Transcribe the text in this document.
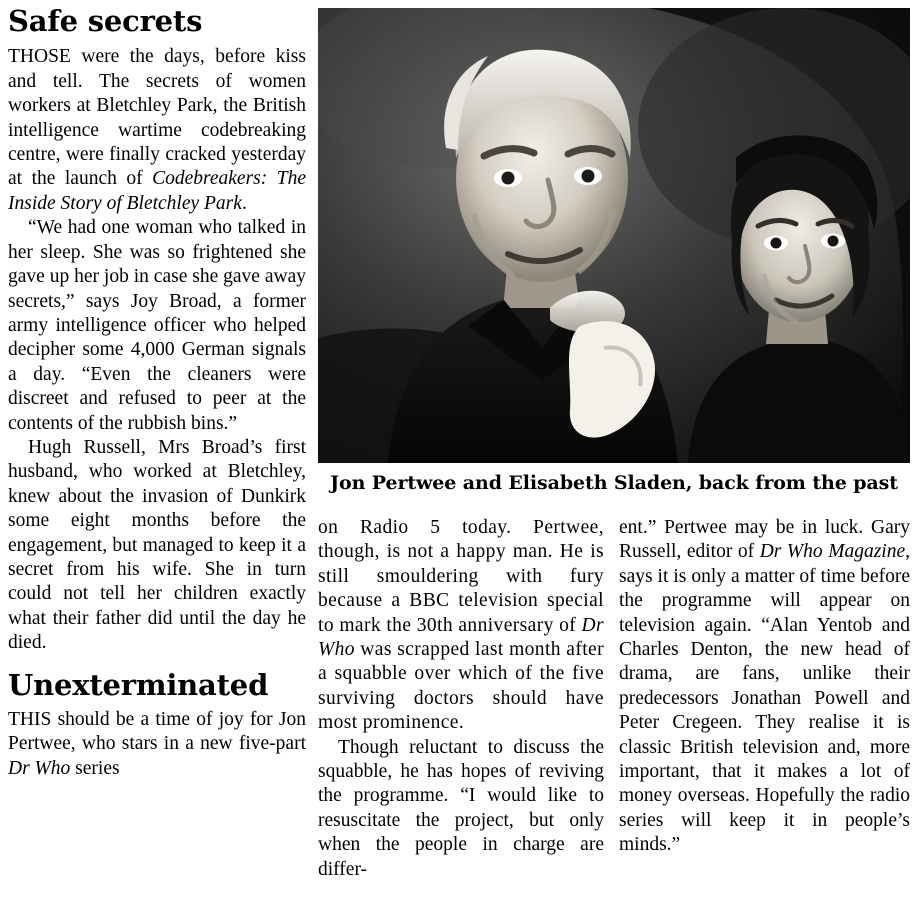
Safe secrets

THOSE were the days, before kiss and tell. The secrets of women workers at Bletchley Park, the British intelligence wartime codebreaking centre, were finally cracked yesterday at the launch of Codebreakers: The Inside Story of Bletchley Park.

“We had one woman who talked in her sleep. She was so frightened she gave up her job in case she gave away secrets,” says Joy Broad, a former army intelligence officer who helped decipher some 4,000 German signals a day. “Even the cleaners were discreet and refused to peer at the contents of the rubbish bins.”

Hugh Russell, Mrs Broad’s first husband, who worked at Bletchley, knew about the invasion of Dunkirk some eight months before the engagement, but managed to keep it a secret from his wife. She in turn could not tell her children exactly what their father did until the day he died.

Unexterminated

THIS should be a time of joy for Jon Pertwee, who stars in a new five-part Dr Who series

Jon Pertwee and Elisabeth Sladen, back from the past

on Radio 5 today. Pertwee, though, is not a happy man. He is still smouldering with fury because a BBC television special to mark the 30th anniversary of Dr Who was scrapped last month after a squabble over which of the five surviving doctors should have most prominence.

Though reluctant to discuss the squabble, he has hopes of reviving the programme. “I would like to resuscitate the project, but only when the people in charge are differ-

ent.” Pertwee may be in luck. Gary Russell, editor of Dr Who Magazine, says it is only a matter of time before the programme will appear on television again. “Alan Yentob and Charles Denton, the new head of drama, are fans, unlike their predecessors Jonathan Powell and Peter Cregeen. They realise it is classic British television and, more important, that it makes a lot of money overseas. Hopefully the radio series will keep it in people’s minds.”
